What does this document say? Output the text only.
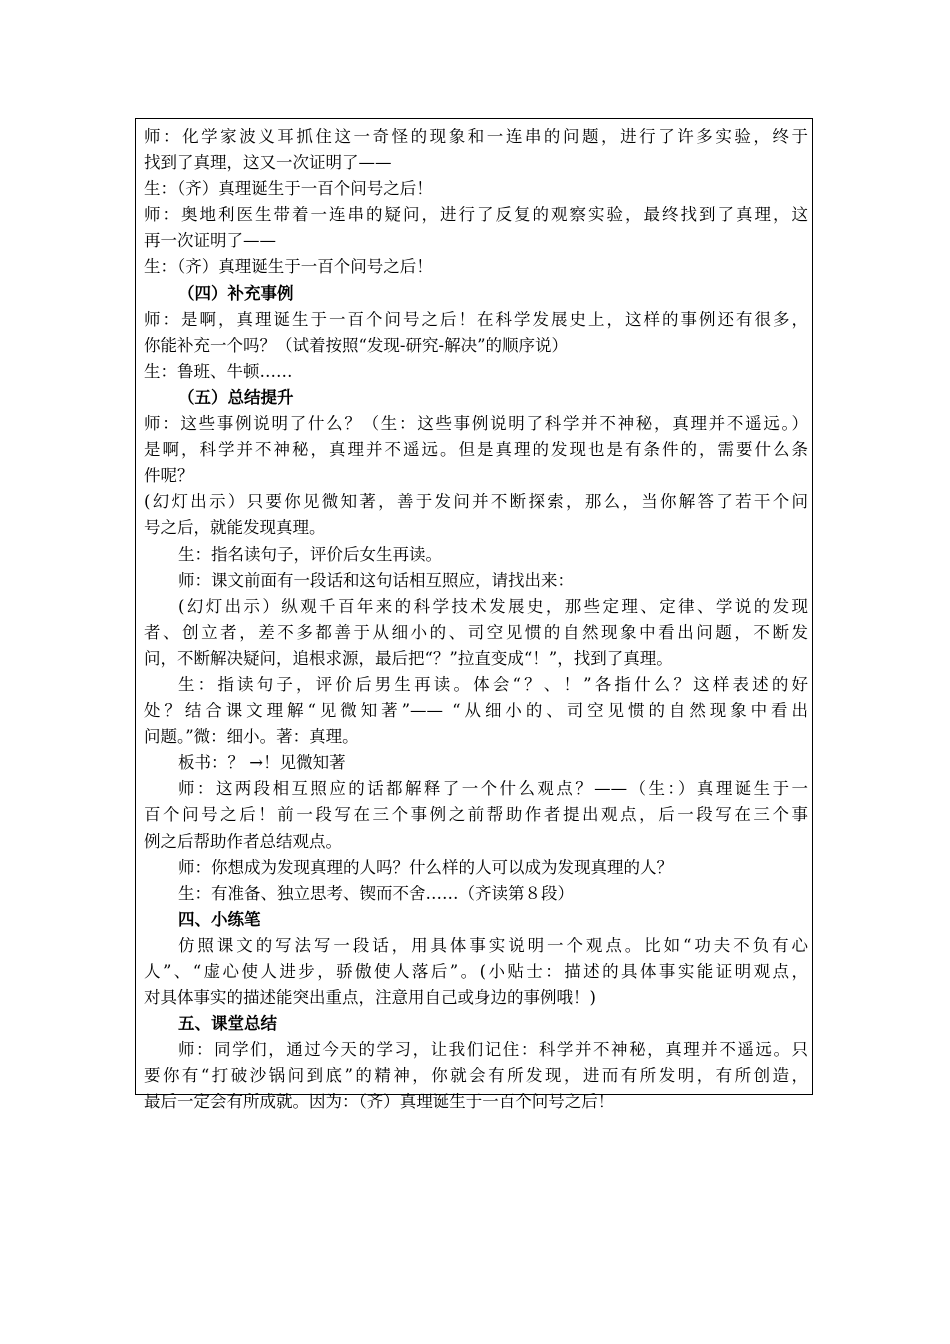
师：化学家波义耳抓住这一奇怪的现象和一连串的问题，进行了许多实验，终于
找到了真理，这又一次证明了——
生：（齐）真理诞生于一百个问号之后！
师：奥地利医生带着一连串的疑问，进行了反复的观察实验，最终找到了真理，这
再一次证明了——
生：（齐）真理诞生于一百个问号之后！
（四）补充事例
师：是啊，真理诞生于一百个问号之后！在科学发展史上，这样的事例还有很多，
你能补充一个吗？（试着按照“发现-研究-解决”的顺序说）
生：鲁班、牛顿……
（五）总结提升
师：这些事例说明了什么？（生：这些事例说明了科学并不神秘，真理并不遥远。）
是啊，科学并不神秘，真理并不遥远。但是真理的发现也是有条件的，需要什么条
件呢？
(幻灯出示）只要你见微知著，善于发问并不断探索，那么，当你解答了若干个问
号之后，就能发现真理。
生：指名读句子，评价后女生再读。
师：课文前面有一段话和这句话相互照应，请找出来：
(幻灯出示）纵观千百年来的科学技术发展史，那些定理、定律、学说的发现
者、创立者，差不多都善于从细小的、司空见惯的自然现象中看出问题，不断发
问，不断解决疑问，追根求源，最后把“？”拉直变成“！”，找到了真理。
生：指读句子，评价后男生再读。体会“？、！”各指什么？这样表述的好
处？结合课文理解“见微知著”—— “从细小的、司空见惯的自然现象中看出
问题。”微：细小。著：真理。
板书：？ →！见微知著
师：这两段相互照应的话都解释了一个什么观点？——（生：）真理诞生于一
百个问号之后！前一段写在三个事例之前帮助作者提出观点，后一段写在三个事
例之后帮助作者总结观点。
师：你想成为发现真理的人吗？什么样的人可以成为发现真理的人？
生：有准备、独立思考、锲而不舍……（齐读第８段）
四、小练笔
仿照课文的写法写一段话，用具体事实说明一个观点。比如“功夫不负有心
人”、“虚心使人进步，骄傲使人落后”。(小贴士：描述的具体事实能证明观点，
对具体事实的描述能突出重点，注意用自己或身边的事例哦！)
五、课堂总结
师：同学们，通过今天的学习，让我们记住：科学并不神秘，真理并不遥远。只
要你有“打破沙锅问到底”的精神，你就会有所发现，进而有所发明，有所创造，
最后一定会有所成就。因为：（齐）真理诞生于一百个问号之后！
